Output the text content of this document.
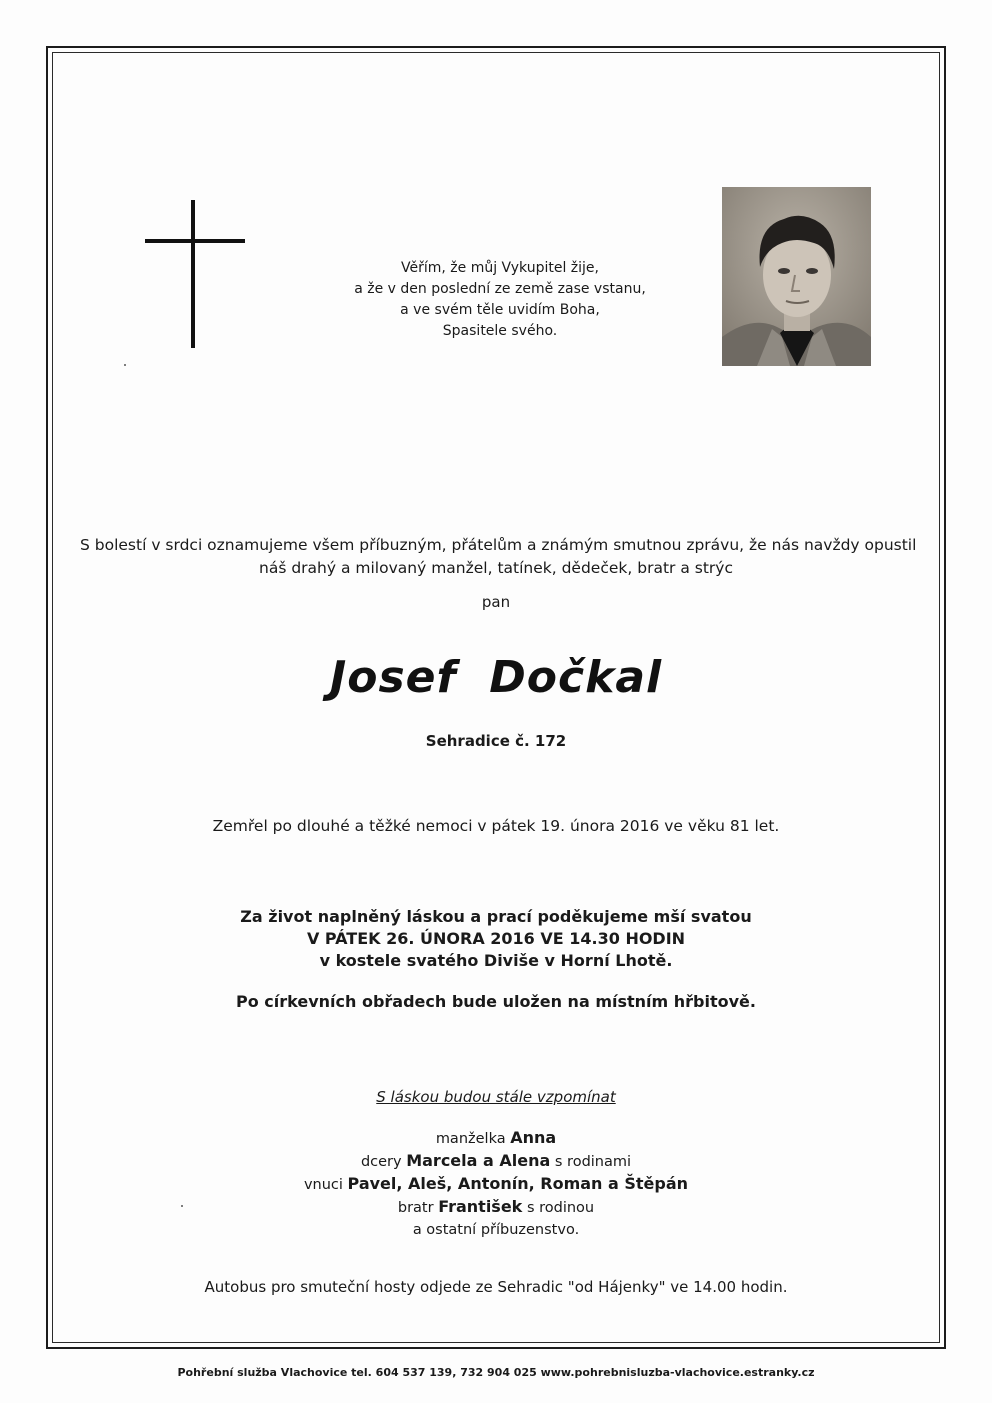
Věřím, že můj Vykupitel žije,
a že v den poslední ze země zase vstanu,
a ve svém těle uvidím Boha,
Spasitele svého.
S bolestí v srdci oznamujeme všem příbuzným, přátelům a známým smutnou zprávu, že nás navždy opustil
náš drahý a milovaný manžel, tatínek, dědeček, bratr a strýc
pan
Josef  Dočkal
Sehradice č. 172
Zemřel po dlouhé a těžké nemoci v pátek 19. února 2016 ve věku 81 let.
Za život naplněný láskou a prací poděkujeme mší svatou
V PÁTEK 26. ÚNORA 2016 VE 14.30 HODIN
v kostele svatého Diviše v Horní Lhotě.
Po církevních obřadech bude uložen na místním hřbitově.
S láskou budou stále vzpomínat
manželka Anna
dcery Marcela a Alena s rodinami
vnuci Pavel, Aleš, Antonín, Roman a Štěpán
bratr František s rodinou
a ostatní příbuzenstvo.
Autobus pro smuteční hosty odjede ze Sehradic "od Hájenky" ve 14.00 hodin.
Pohřební služba Vlachovice tel. 604 537 139, 732 904 025 www.pohrebnisluzba-vlachovice.estranky.cz
